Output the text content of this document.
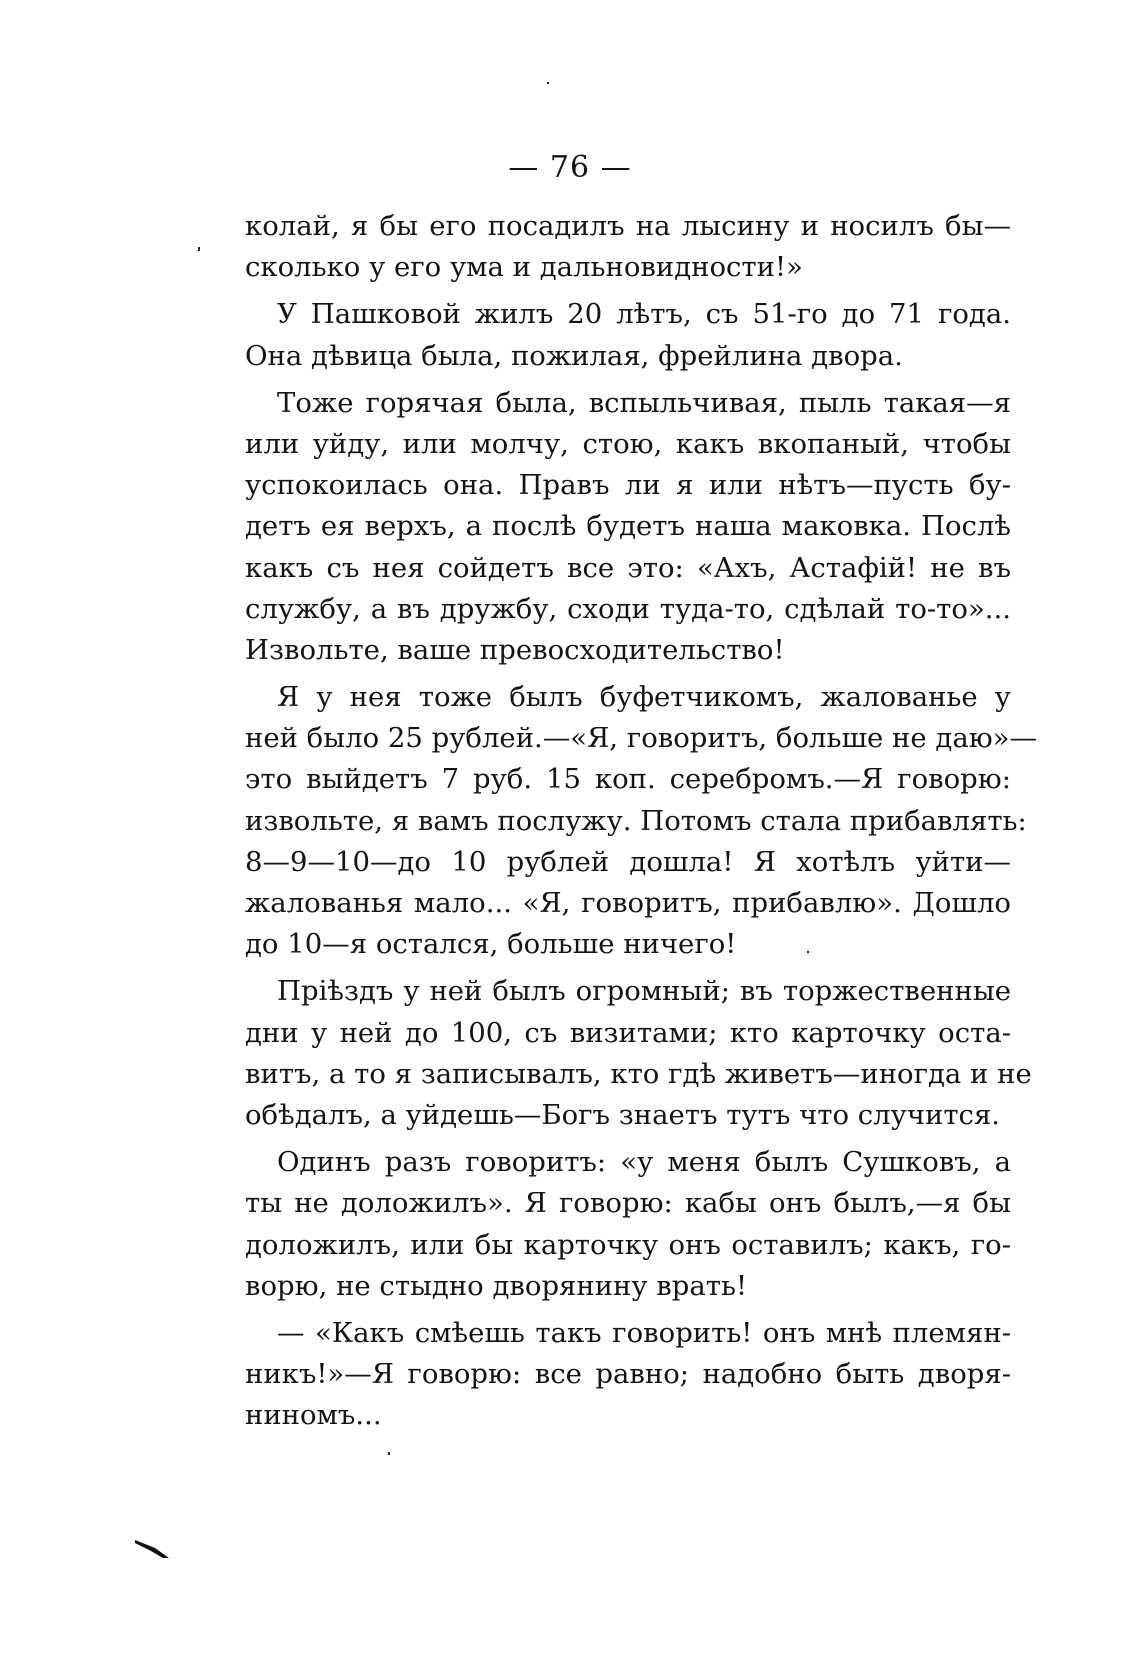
— 76 —
колай, я бы его посадилъ на лысину и носилъ бы—
сколько у его ума и дальновидности!»
У Пашковой жилъ 20 лѣтъ, съ 51-го до 71 года.
Она дѣвица была, пожилая, фрейлина двора.
Тоже горячая была, вспыльчивая, пыль такая—я
или уйду, или молчу, стою, какъ вкопаный, чтобы
успокоилась она. Правъ ли я или нѣтъ—пусть бу-
детъ ея верхъ, а послѣ будетъ наша маковка. Послѣ
какъ съ нея сойдетъ все это: «Ахъ, Астафій! не въ
службу, а въ дружбу, сходи туда-то, сдѣлай то-то»...
Извольте, ваше превосходительство!
Я у нея тоже былъ буфетчикомъ, жалованье у
ней было 25 рублей.—«Я, говоритъ, больше не даю»—
это выйдетъ 7 руб. 15 коп. серебромъ.—Я говорю:
извольте, я вамъ послужу. Потомъ стала прибавлять:
8—9—10—до 10 рублей дошла! Я хотѣлъ уйти—
жалованья мало... «Я, говоритъ, прибавлю». Дошло
до 10—я остался, больше ничего!
Пріѣздъ у ней былъ огромный; въ торжественные
дни у ней до 100, съ визитами; кто карточку оста-
витъ, а то я записывалъ, кто гдѣ живетъ—иногда и не
обѣдалъ, а уйдешь—Богъ знаетъ тутъ что случится.
Одинъ разъ говоритъ: «у меня былъ Сушковъ, а
ты не доложилъ». Я говорю: кабы онъ былъ,—я бы
доложилъ, или бы карточку онъ оставилъ; какъ, го-
ворю, не стыдно дворянину врать!
— «Какъ смѣешь такъ говорить! онъ мнѣ племян-
никъ!»—Я говорю: все равно; надобно быть дворя-
ниномъ...
